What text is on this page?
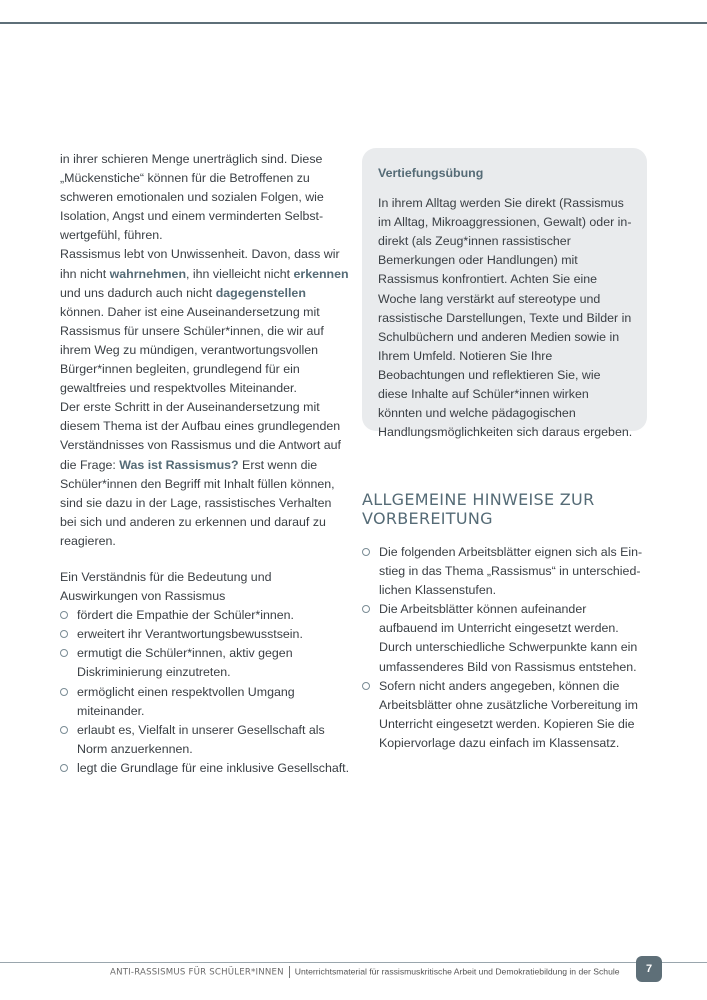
in ihrer schieren Menge unerträglich sind. Diese „Mückenstiche“ können für die Betroffenen zu schweren emotionalen und sozialen Folgen, wie Isolation, Angst und einem verminderten Selbstwertgefühl, führen.

Rassismus lebt von Unwissenheit. Davon, dass wir ihn nicht wahrnehmen, ihn vielleicht nicht erkennen und uns dadurch auch nicht dagegenstellen können. Daher ist eine Auseinandersetzung mit Rassismus für unsere Schüler*innen, die wir auf ihrem Weg zu mündigen, verantwortungsvollen Bürger*innen begleiten, grundlegend für ein gewaltfreies und respektvolles Miteinander.

Der erste Schritt in der Auseinandersetzung mit diesem Thema ist der Aufbau eines grundlegenden Verständnisses von Rassismus und die Antwort auf die Frage: Was ist Rassismus? Erst wenn die Schüler*innen den Begriff mit Inhalt füllen können, sind sie dazu in der Lage, rassistisches Verhalten bei sich und anderen zu erkennen und darauf zu reagieren.

Ein Verständnis für die Bedeutung und Auswirkungen von Rassismus

fördert die Empathie der Schüler*innen.
erweitert ihr Verantwortungsbewusstsein.
ermutigt die Schüler*innen, aktiv gegen Diskriminierung einzutreten.
ermöglicht einen respektvollen Umgang miteinander.
erlaubt es, Vielfalt in unserer Gesellschaft als Norm anzuerkennen.
legt die Grundlage für eine inklusive Gesellschaft.
Vertiefungsübung

In ihrem Alltag werden Sie direkt (Rassismus im Alltag, Mikroaggressionen, Gewalt) oder indirekt (als Zeug*innen rassistischer Bemerkungen oder Handlungen) mit Rassismus konfrontiert. Achten Sie eine Woche lang verstärkt auf stereotype und rassistische Darstellungen, Texte und Bilder in Schulbüchern und anderen Medien sowie in Ihrem Umfeld. Notieren Sie Ihre Beobachtungen und reflektieren Sie, wie diese Inhalte auf Schüler*innen wirken könnten und welche pädagogischen Handlungsmöglichkeiten sich daraus ergeben.

ALLGEMEINE HINWEISE ZUR VORBEREITUNG
Die folgenden Arbeitsblätter eignen sich als Einstieg in das Thema „Rassismus“ in unterschiedlichen Klassenstufen.
Die Arbeitsblätter können aufeinander aufbauend im Unterricht eingesetzt werden. Durch unterschiedliche Schwerpunkte kann ein umfassenderes Bild von Rassismus entstehen.
Sofern nicht anders angegeben, können die Arbeitsblätter ohne zusätzliche Vorbereitung im Unterricht eingesetzt werden. Kopieren Sie die Kopiervorlage dazu einfach im Klassensatz.
ANTI-RASSISMUS FÜR SCHÜLER*INNEN Unterrichtsmaterial für rassismuskritische Arbeit und Demokratiebildung in der Schule	7
